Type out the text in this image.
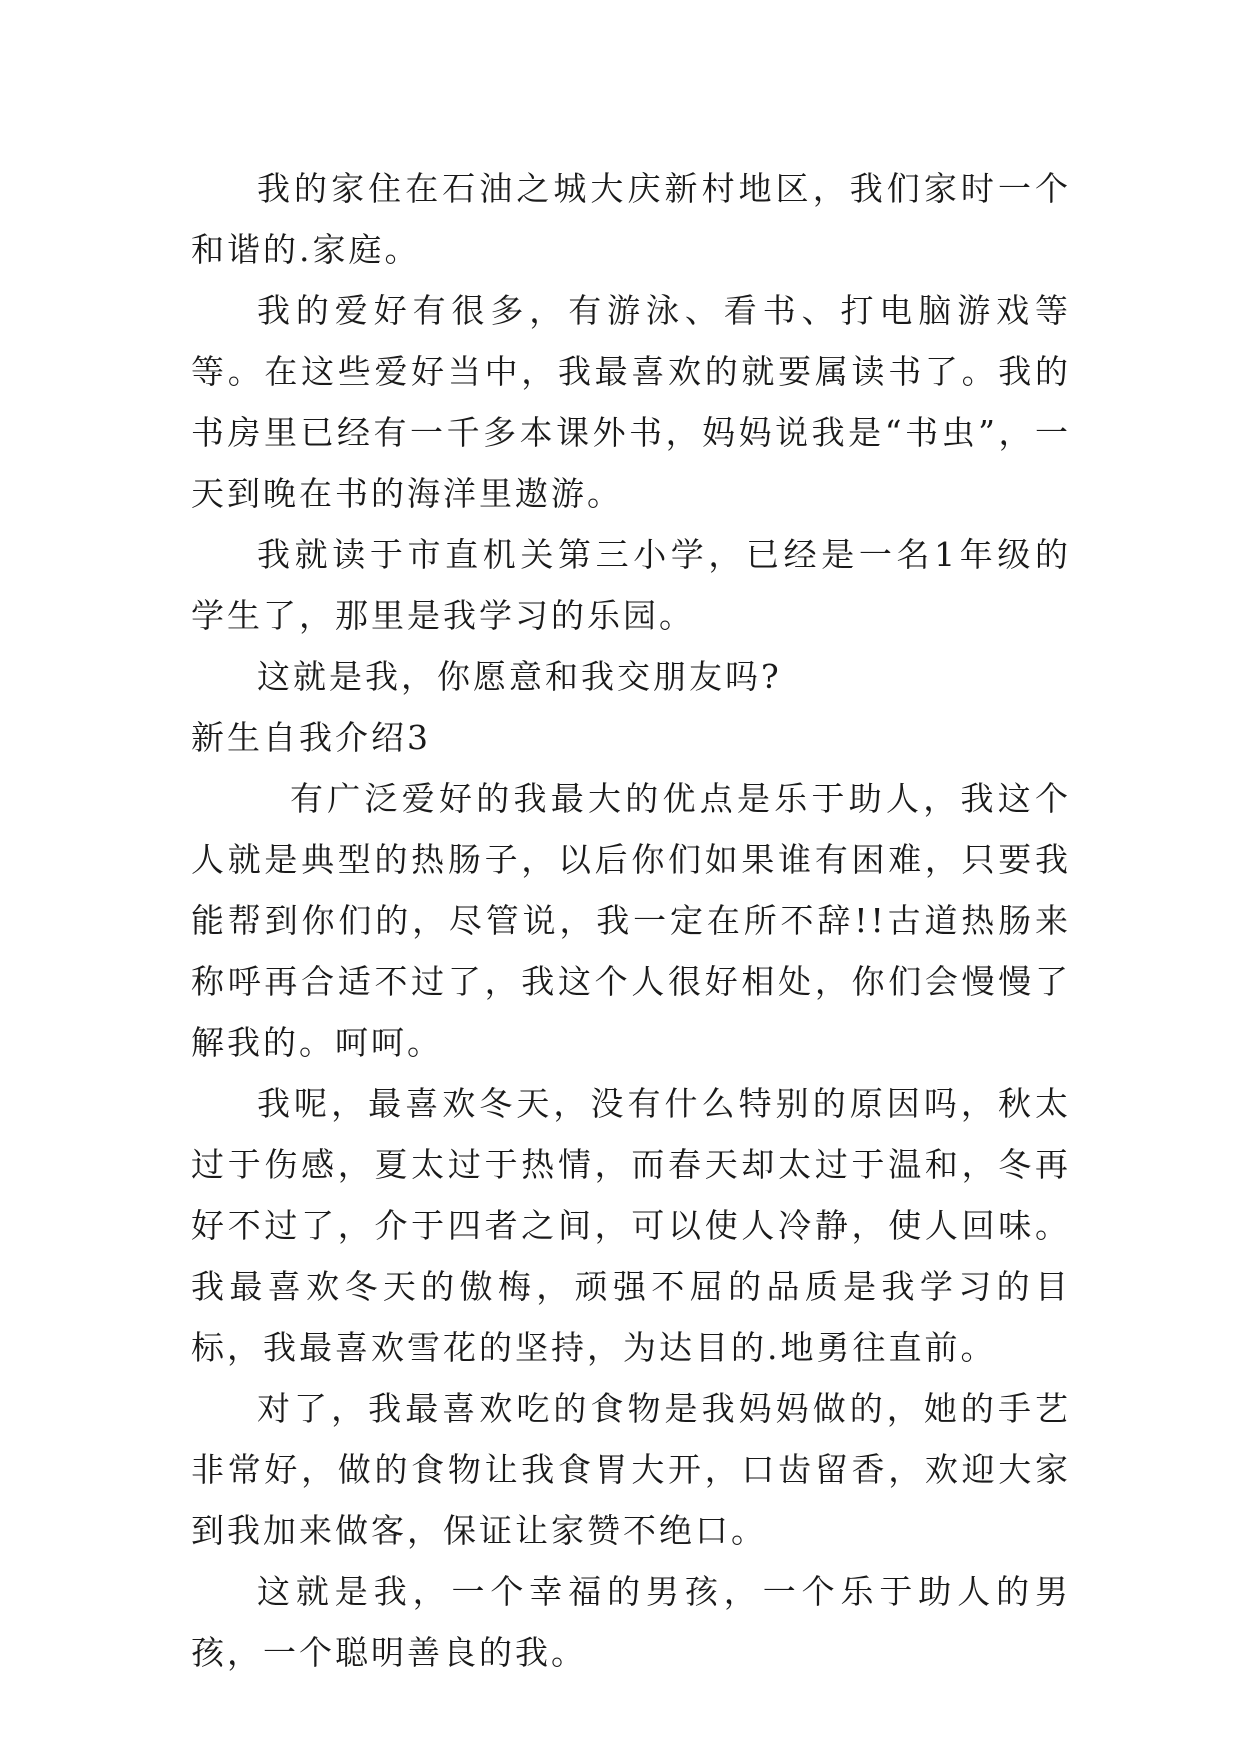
我的家住在石油之城大庆新村地区，我们家时一个和谐的.家庭。

我的爱好有很多，有游泳、看书、打电脑游戏等等。在这些爱好当中，我最喜欢的就要属读书了。我的书房里已经有一千多本课外书，妈妈说我是“书虫”，一天到晚在书的海洋里遨游。

我就读于市直机关第三小学，已经是一名1年级的学生了，那里是我学习的乐园。

这就是我，你愿意和我交朋友吗?

新生自我介绍3

有广泛爱好的我最大的优点是乐于助人，我这个人就是典型的热肠子，以后你们如果谁有困难，只要我能帮到你们的，尽管说，我一定在所不辞!!古道热肠来称呼再合适不过了，我这个人很好相处，你们会慢慢了解我的。呵呵。

我呢，最喜欢冬天，没有什么特别的原因吗，秋太过于伤感，夏太过于热情，而春天却太过于温和，冬再好不过了，介于四者之间，可以使人冷静，使人回味。我最喜欢冬天的傲梅，顽强不屈的品质是我学习的目标，我最喜欢雪花的坚持，为达目的.地勇往直前。

对了，我最喜欢吃的食物是我妈妈做的，她的手艺非常好，做的食物让我食胃大开，口齿留香，欢迎大家到我加来做客，保证让家赞不绝口。

这就是我，一个幸福的男孩，一个乐于助人的男孩，一个聪明善良的我。
